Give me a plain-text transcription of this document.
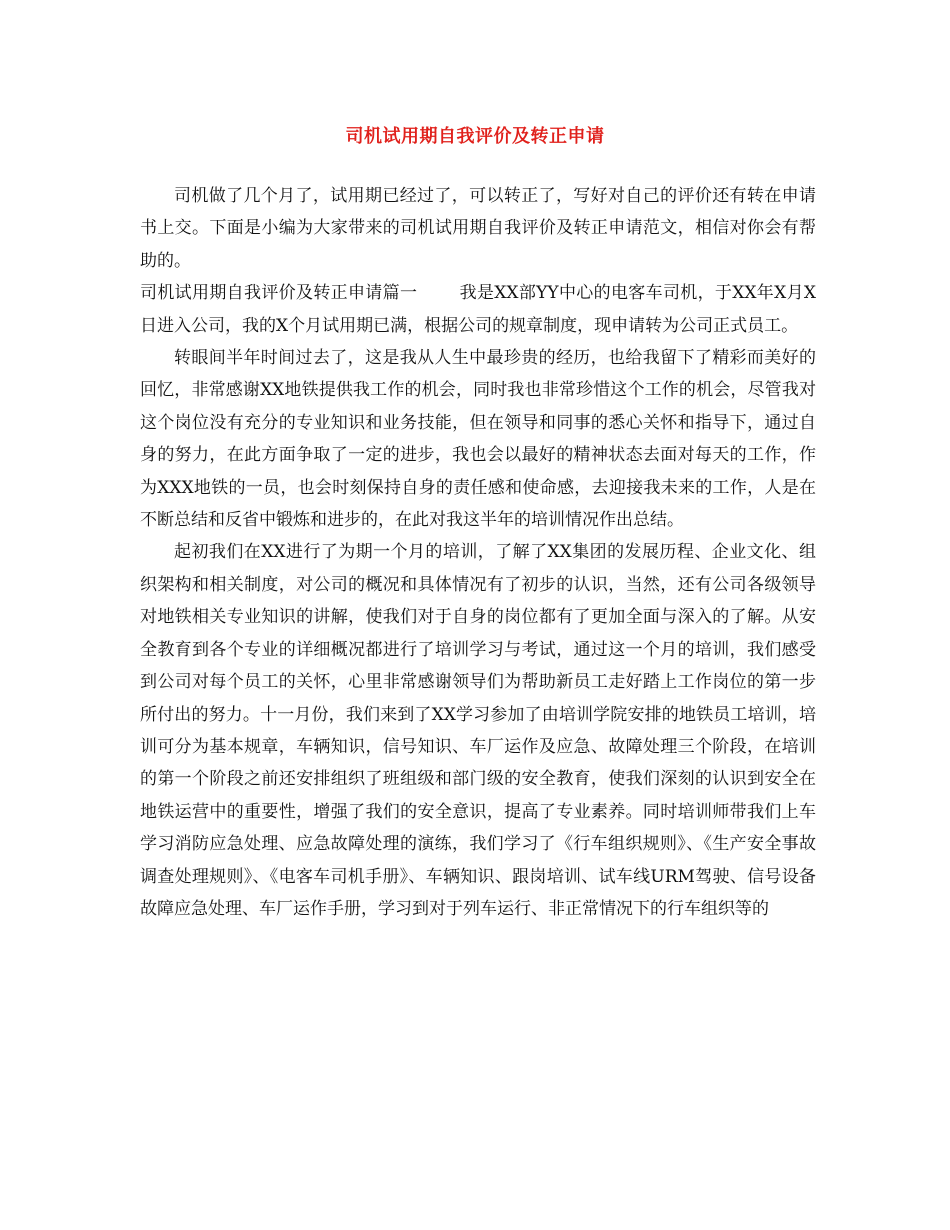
司机试用期自我评价及转正申请

司机做了几个月了，试用期已经过了，可以转正了，写好对自己的评价还有转在申请书上交。下面是小编为大家带来的司机试用期自我评价及转正申请范文，相信对你会有帮助的。

司机试用期自我评价及转正申请篇一 我是XX部YY中心的电客车司机，于XX年X月X日进入公司，我的X个月试用期已满，根据公司的规章制度，现申请转为公司正式员工。

转眼间半年时间过去了，这是我从人生中最珍贵的经历，也给我留下了精彩而美好的回忆，非常感谢XX地铁提供我工作的机会，同时我也非常珍惜这个工作的机会，尽管我对这个岗位没有充分的专业知识和业务技能，但在领导和同事的悉心关怀和指导下，通过自身的努力，在此方面争取了一定的进步，我也会以最好的精神状态去面对每天的工作，作为XXX地铁的一员，也会时刻保持自身的责任感和使命感，去迎接我未来的工作，人是在不断总结和反省中锻炼和进步的，在此对我这半年的培训情况作出总结。

起初我们在XX进行了为期一个月的培训，了解了XX集团的发展历程、企业文化、组织架构和相关制度，对公司的概况和具体情况有了初步的认识，当然，还有公司各级领导对地铁相关专业知识的讲解，使我们对于自身的岗位都有了更加全面与深入的了解。从安全教育到各个专业的详细概况都进行了培训学习与考试，通过这一个月的培训，我们感受到公司对每个员工的关怀，心里非常感谢领导们为帮助新员工走好踏上工作岗位的第一步所付出的努力。十一月份，我们来到了XX学习参加了由培训学院安排的地铁员工培训，培训可分为基本规章，车辆知识，信号知识、车厂运作及应急、故障处理三个阶段，在培训的第一个阶段之前还安排组织了班组级和部门级的安全教育，使我们深刻的认识到安全在地铁运营中的重要性，增强了我们的安全意识，提高了专业素养。同时培训师带我们上车学习消防应急处理、应急故障处理的演练，我们学习了《行车组织规则》、《生产安全事故调查处理规则》、《电客车司机手册》、车辆知识、跟岗培训、试车线URM驾驶、信号设备故障应急处理、车厂运作手册，学习到对于列车运行、非正常情况下的行车组织等的
